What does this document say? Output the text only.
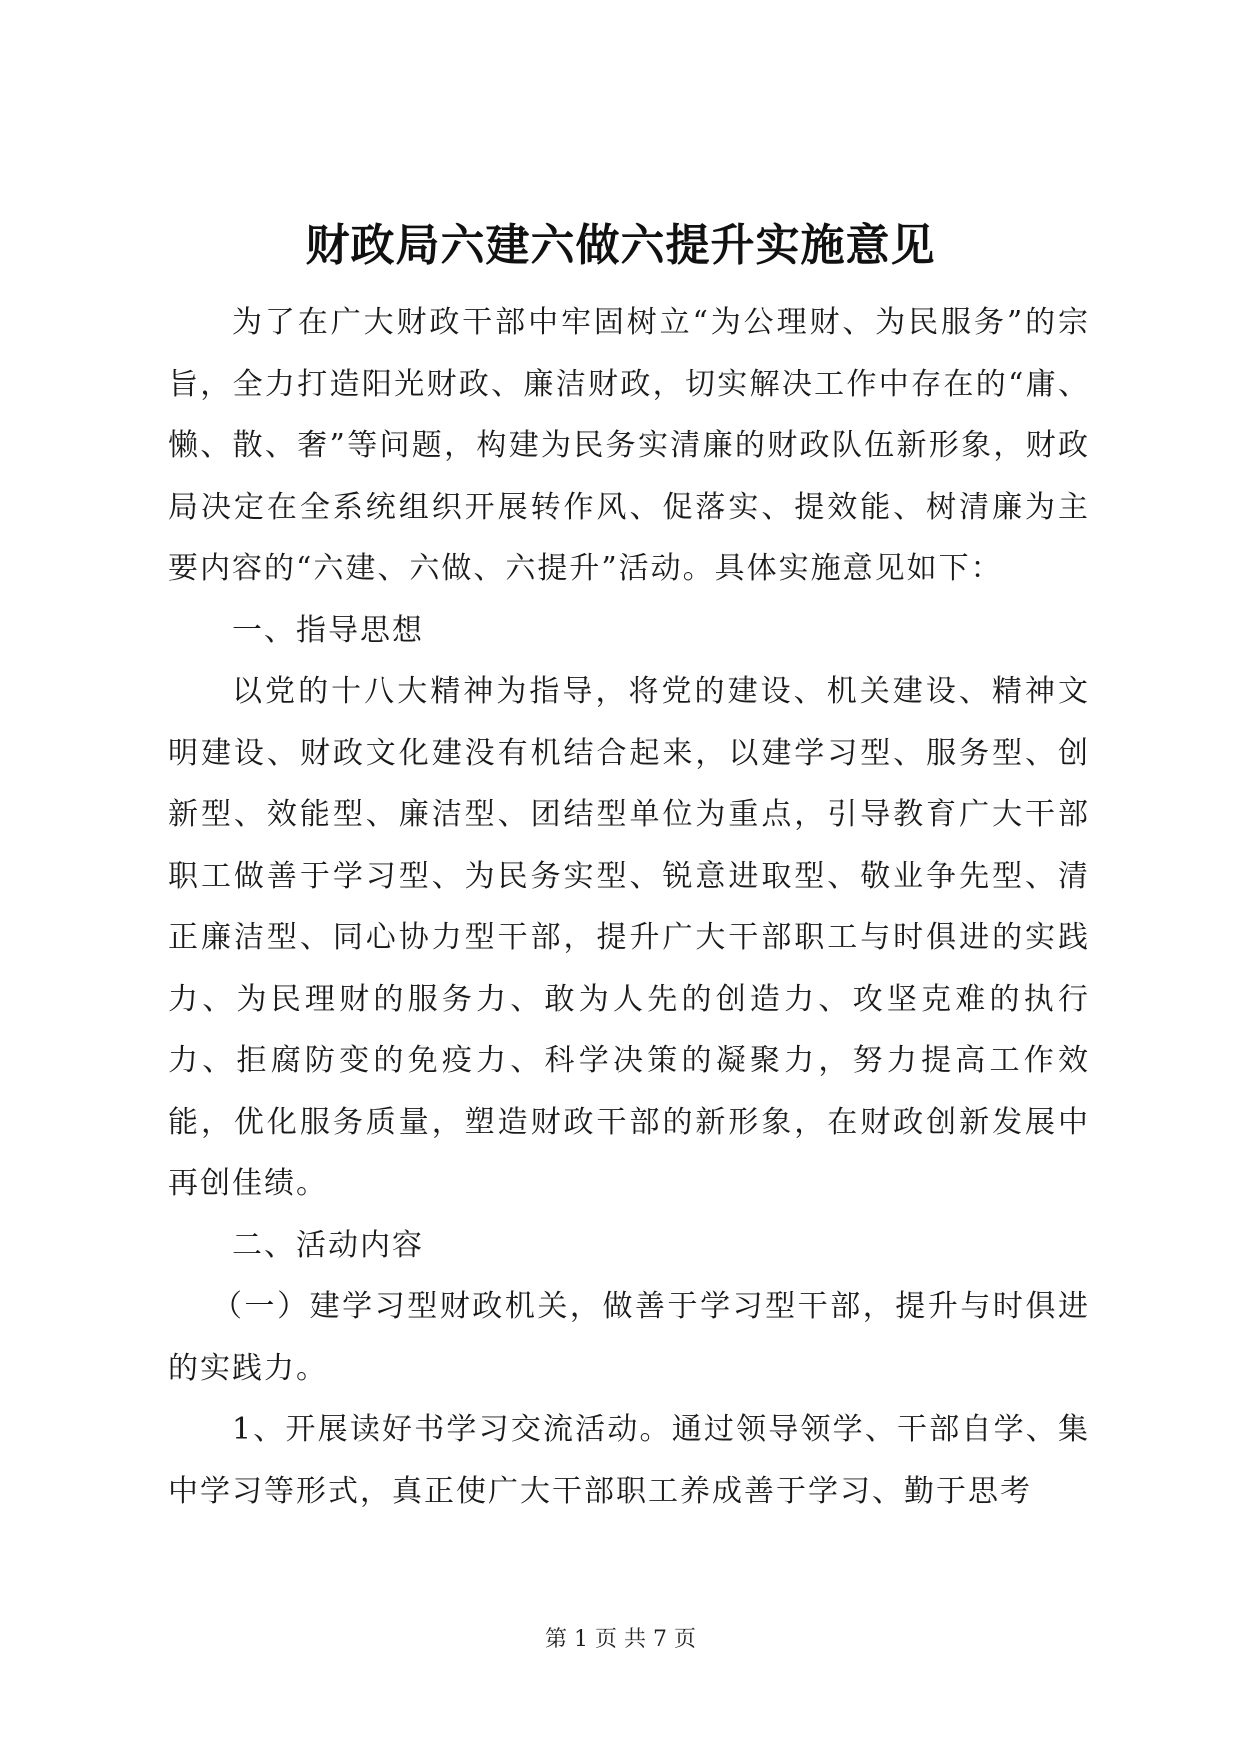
财政局六建六做六提升实施意见

为了在广大财政干部中牢固树立“为公理财、为民服务”的宗旨，全力打造阳光财政、廉洁财政，切实解决工作中存在的“庸、懒、散、奢”等问题，构建为民务实清廉的财政队伍新形象，财政局决定在全系统组织开展转作风、促落实、提效能、树清廉为主要内容的“六建、六做、六提升”活动。具体实施意见如下：

一、指导思想

以党的十八大精神为指导，将党的建设、机关建设、精神文明建设、财政文化建没有机结合起来，以建学习型、服务型、创新型、效能型、廉洁型、团结型单位为重点，引导教育广大干部职工做善于学习型、为民务实型、锐意进取型、敬业争先型、清正廉洁型、同心协力型干部，提升广大干部职工与时俱进的实践力、为民理财的服务力、敢为人先的创造力、攻坚克难的执行力、拒腐防变的免疫力、科学决策的凝聚力，努力提高工作效能，优化服务质量，塑造财政干部的新形象，在财政创新发展中再创佳绩。

二、活动内容

（一）建学习型财政机关，做善于学习型干部，提升与时俱进的实践力。

1、开展读好书学习交流活动。通过领导领学、干部自学、集中学习等形式，真正使广大干部职工养成善于学习、勤于思考

第 1 页 共 7 页
